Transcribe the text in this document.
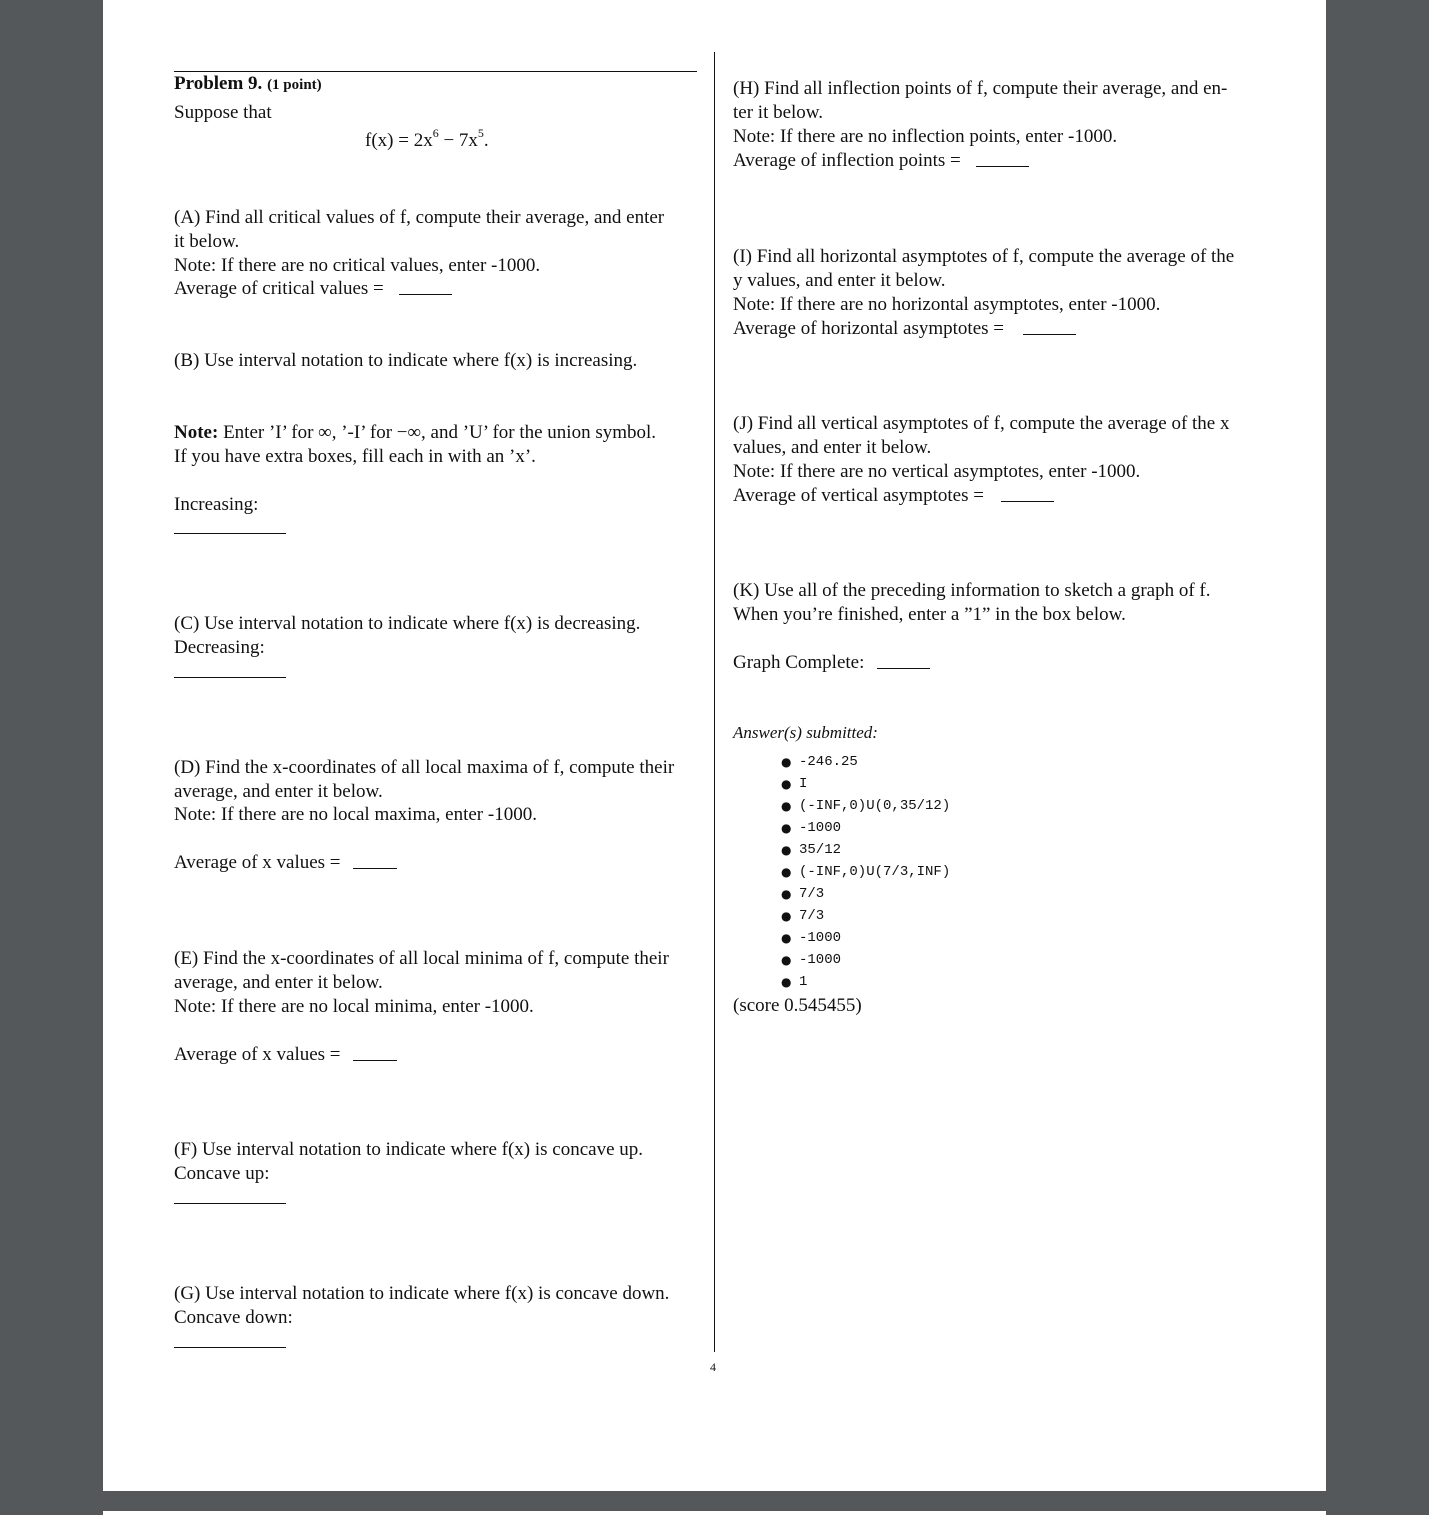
Problem 9. (1 point)
Suppose that
$f(x) = 2x^6 - 7x^5$.
(A) Find all critical values of f, compute their average, and enter
it below.
Note: If there are no critical values, enter -1000.
Average of critical values =
(B) Use interval notation to indicate where f(x) is increasing.
Note: Enter ’I’ for ∞, ’-I’ for −∞, and ’U’ for the union symbol.
If you have extra boxes, fill each in with an ’x’.
Increasing:
(C) Use interval notation to indicate where f(x) is decreasing.
Decreasing:
(D) Find the x-coordinates of all local maxima of f, compute their
average, and enter it below.
Note: If there are no local maxima, enter -1000.
Average of x values =
(E) Find the x-coordinates of all local minima of f, compute their
average, and enter it below.
Note: If there are no local minima, enter -1000.
Average of x values =
(F) Use interval notation to indicate where f(x) is concave up.
Concave up:
(G) Use interval notation to indicate where f(x) is concave down.
Concave down:
(H) Find all inflection points of f, compute their average, and en-
ter it below.
Note: If there are no inflection points, enter -1000.
Average of inflection points =
(I) Find all horizontal asymptotes of f, compute the average of the
y values, and enter it below.
Note: If there are no horizontal asymptotes, enter -1000.
Average of horizontal asymptotes =
(J) Find all vertical asymptotes of f, compute the average of the x
values, and enter it below.
Note: If there are no vertical asymptotes, enter -1000.
Average of vertical asymptotes =
(K) Use all of the preceding information to sketch a graph of f.
When you’re finished, enter a ”1” in the box below.
Graph Complete:
Answer(s) submitted:
● -246.25
● I
● (-INF,0)U(0,35/12)
● -1000
● 35/12
● (-INF,0)U(7/3,INF)
● 7/3
● 7/3
● -1000
● -1000
● 1
(score 0.545455)
4
